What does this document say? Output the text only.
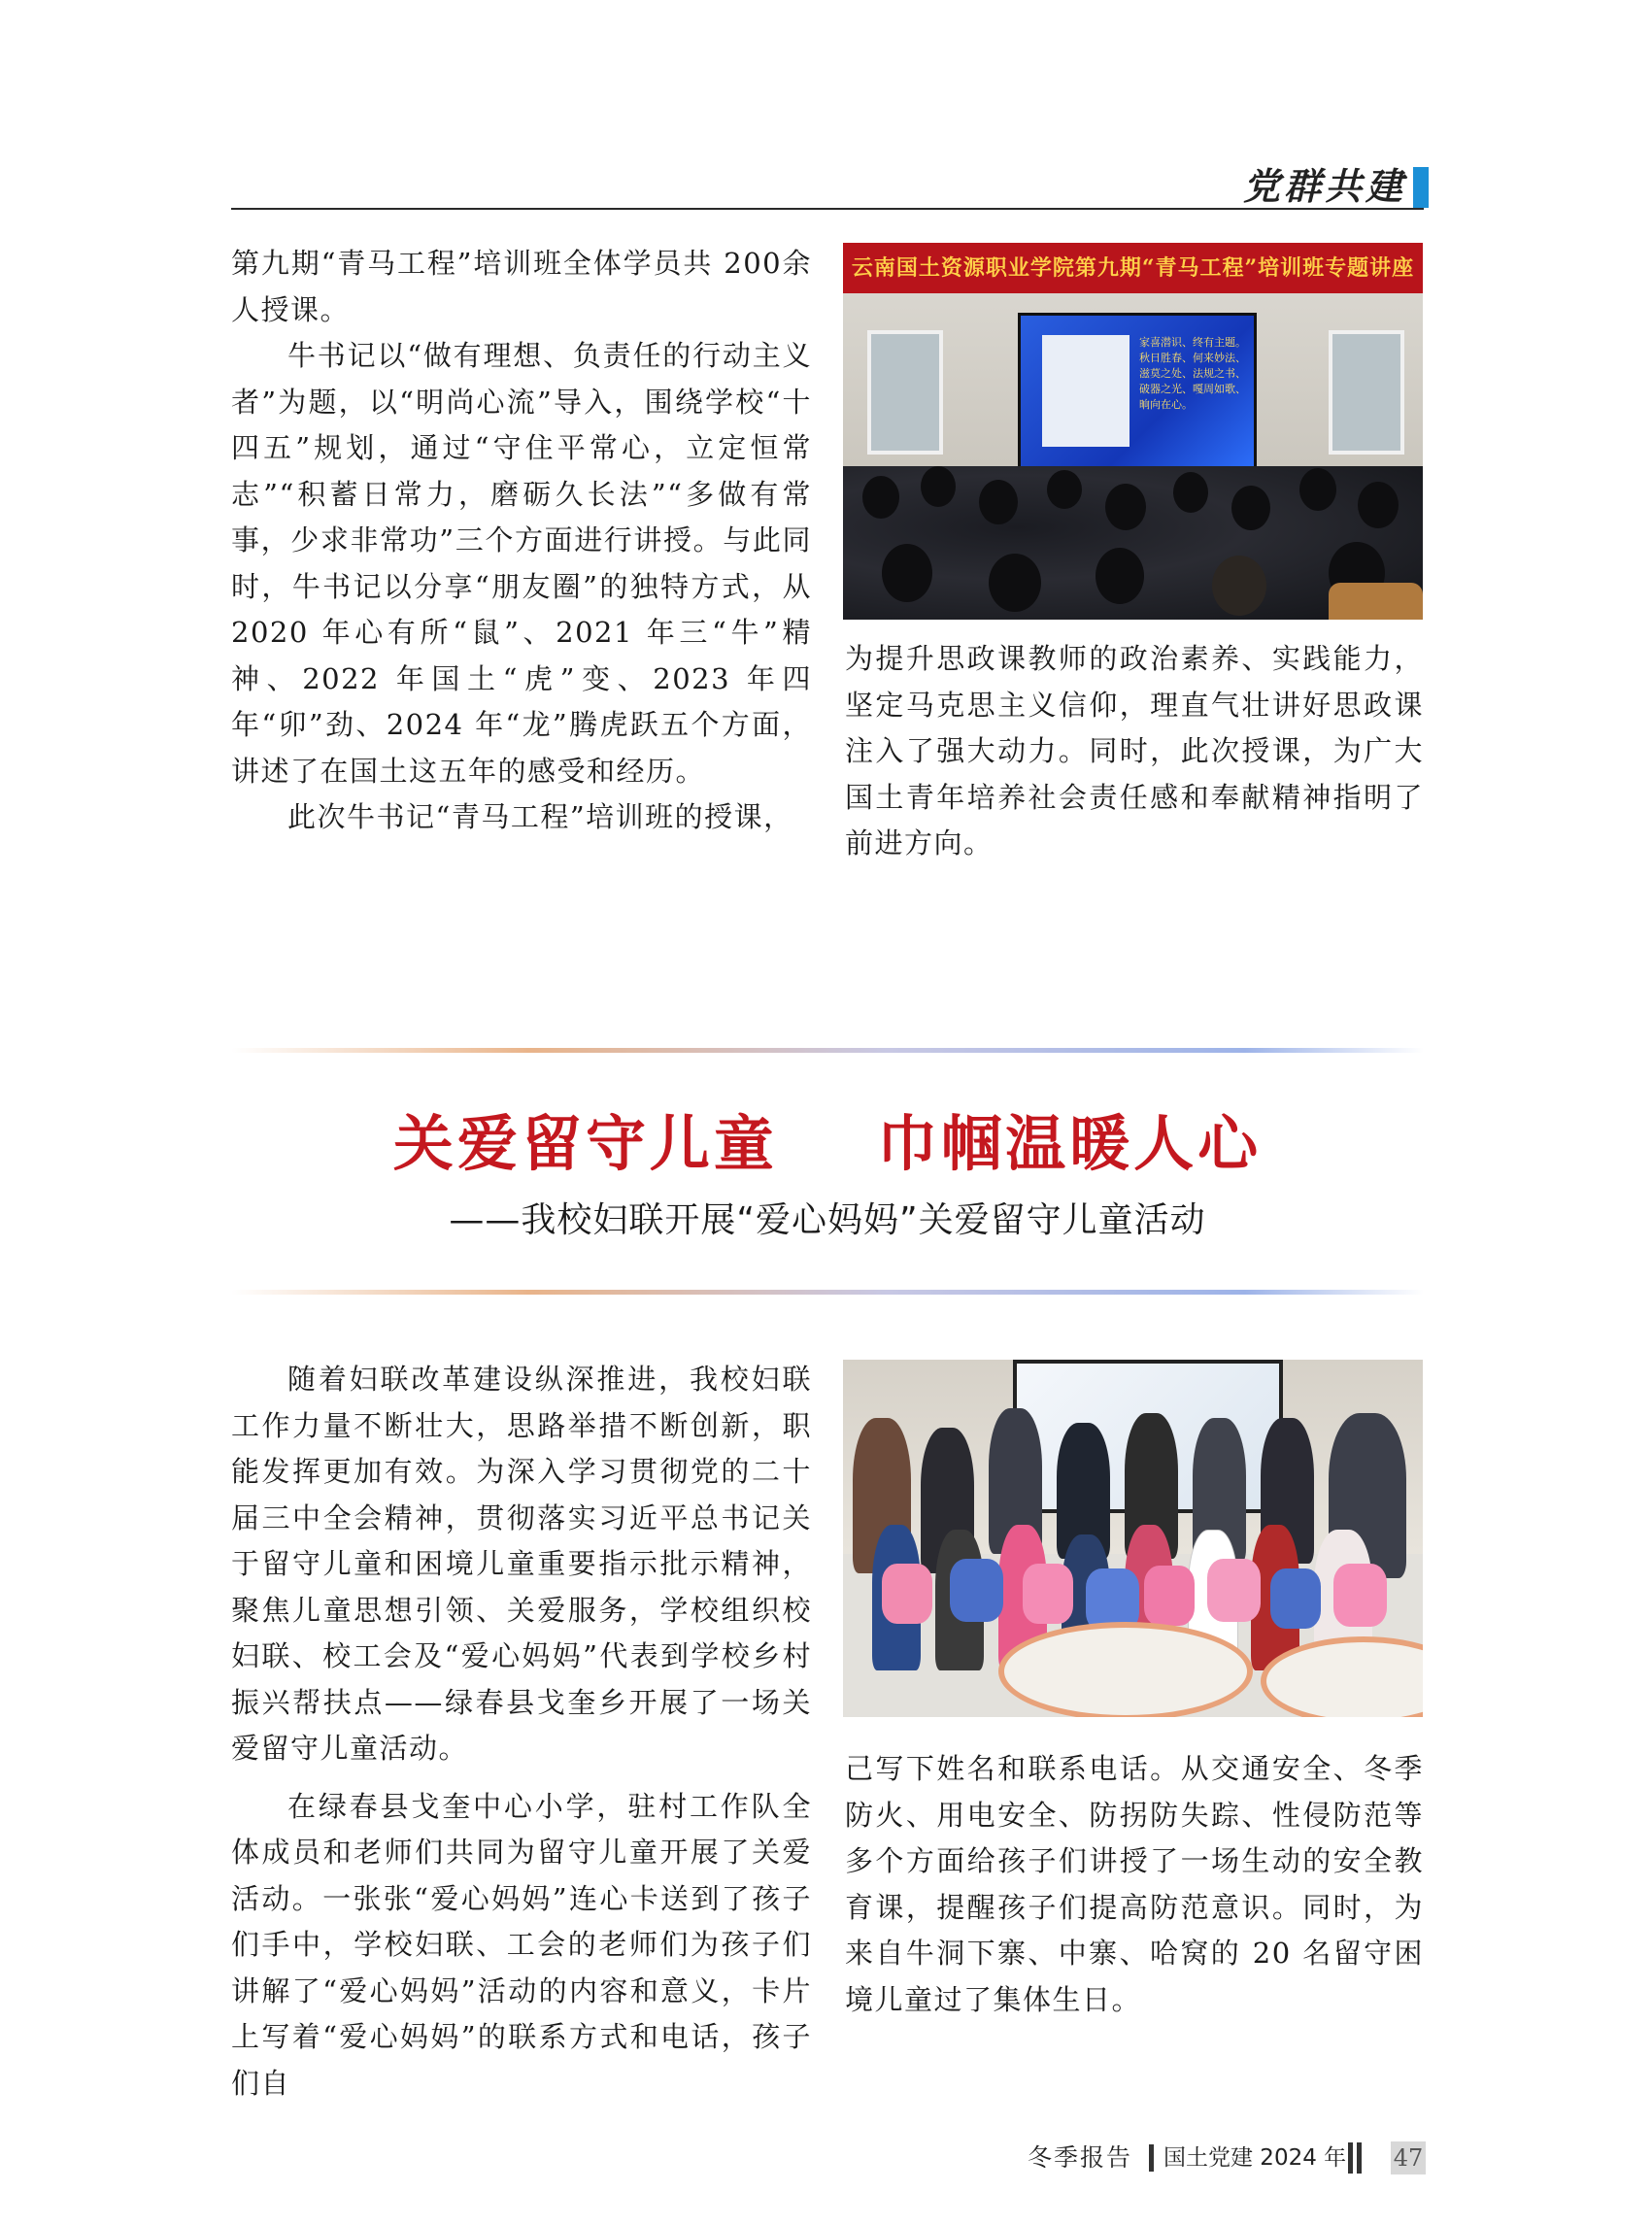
党群共建

第九期“青马工程”培训班全体学员共 200余人授课。

牛书记以“做有理想、负责任的行动主义者”为题，以“明尚心流”导入，围绕学校“十四五”规划，通过“守住平常心，立定恒常志”“积蓄日常力，磨砺久长法”“多做有常事，少求非常功”三个方面进行讲授。与此同时，牛书记以分享“朋友圈”的独特方式，从 2020 年心有所“鼠”、2021 年三“牛”精神、2022 年国土“虎”变、2023 年四年“卯”劲、2024 年“龙”腾虎跃五个方面，讲述了在国土这五年的感受和经历。

此次牛书记“青马工程”培训班的授课，

家喜潜识、终有主题。秋日胜春、何来妙法、滋莫之处、法规之书、破器之光、嘎周如歌、晌向在心。
云南国土资源职业学院第九期“青马工程”培训班专题讲座

为提升思政课教师的政治素养、实践能力，坚定马克思主义信仰，理直气壮讲好思政课注入了强大动力。同时，此次授课，为广大国土青年培养社会责任感和奉献精神指明了前进方向。

关爱留守儿童    巾帼温暖人心
——我校妇联开展“爱心妈妈”关爱留守儿童活动

随着妇联改革建设纵深推进，我校妇联工作力量不断壮大，思路举措不断创新，职能发挥更加有效。为深入学习贯彻党的二十届三中全会精神，贯彻落实习近平总书记关于留守儿童和困境儿童重要指示批示精神，聚焦儿童思想引领、关爱服务，学校组织校妇联、校工会及“爱心妈妈”代表到学校乡村振兴帮扶点——绿春县戈奎乡开展了一场关爱留守儿童活动。

在绿春县戈奎中心小学，驻村工作队全体成员和老师们共同为留守儿童开展了关爱活动。一张张“爱心妈妈”连心卡送到了孩子们手中，学校妇联、工会的老师们为孩子们讲解了“爱心妈妈”活动的内容和意义，卡片上写着“爱心妈妈”的联系方式和电话，孩子们自

己写下姓名和联系电话。从交通安全、冬季防火、用电安全、防拐防失踪、性侵防范等多个方面给孩子们讲授了一场生动的安全教育课，提醒孩子们提高防范意识。同时，为来自牛洞下寨、中寨、哈窝的 20 名留守困境儿童过了集体生日。

冬季报告 国土党建 2024 年 47
